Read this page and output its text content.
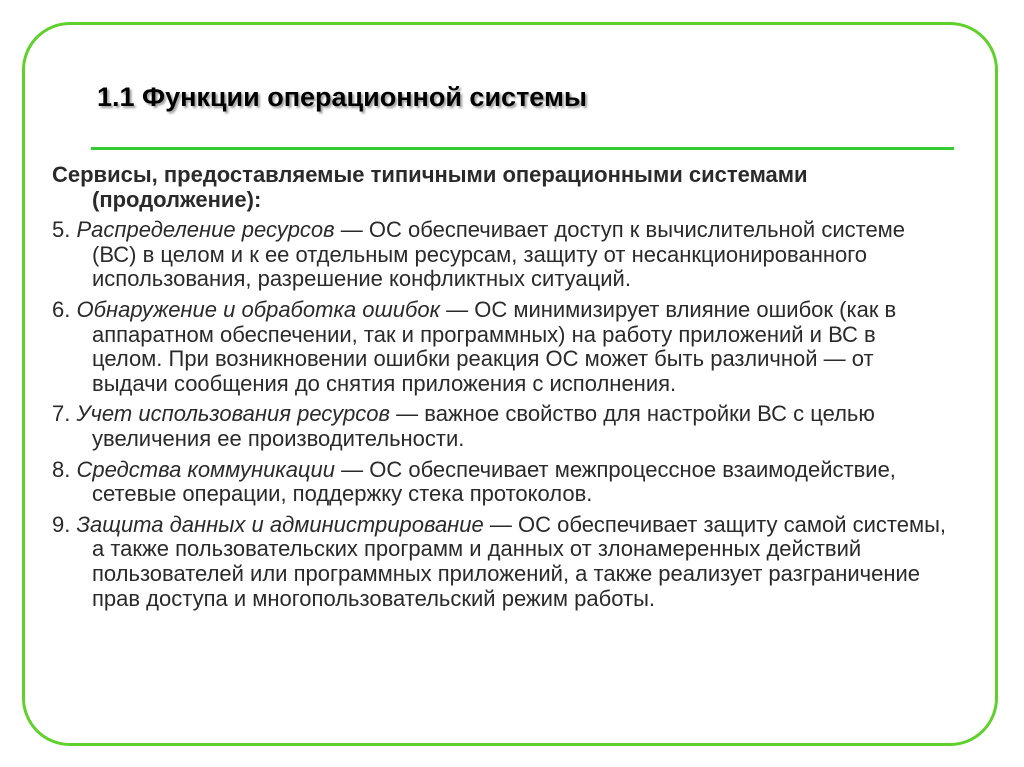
1.1 Функции операционной системы

Сервисы, предоставляемые типичными операционными системами (продолжение):

5. Распределение ресурсов — ОС обеспечивает доступ к вычислительной системе (ВС) в целом и к ее отдельным ресурсам, защиту от несанкционированного использования, разрешение конфликтных ситуаций.

6. Обнаружение и обработка ошибок — ОС минимизирует влияние ошибок (как в аппаратном обеспечении, так и программных) на работу приложений и ВС в целом. При возникновении ошибки реакция ОС может быть различной — от выдачи сообщения до снятия приложения с исполнения.

7. Учет использования ресурсов — важное свойство для настройки ВС с целью увеличения ее производительности.

8. Средства коммуникации — ОС обеспечивает межпроцессное взаимодействие, сетевые операции, поддержку стека протоколов.

9. Защита данных и администрирование — ОС обеспечивает защиту самой системы, а также пользовательских программ и данных от злонамеренных действий пользователей или программных приложений, а также реализует разграничение прав доступа и многопользовательский режим работы.
